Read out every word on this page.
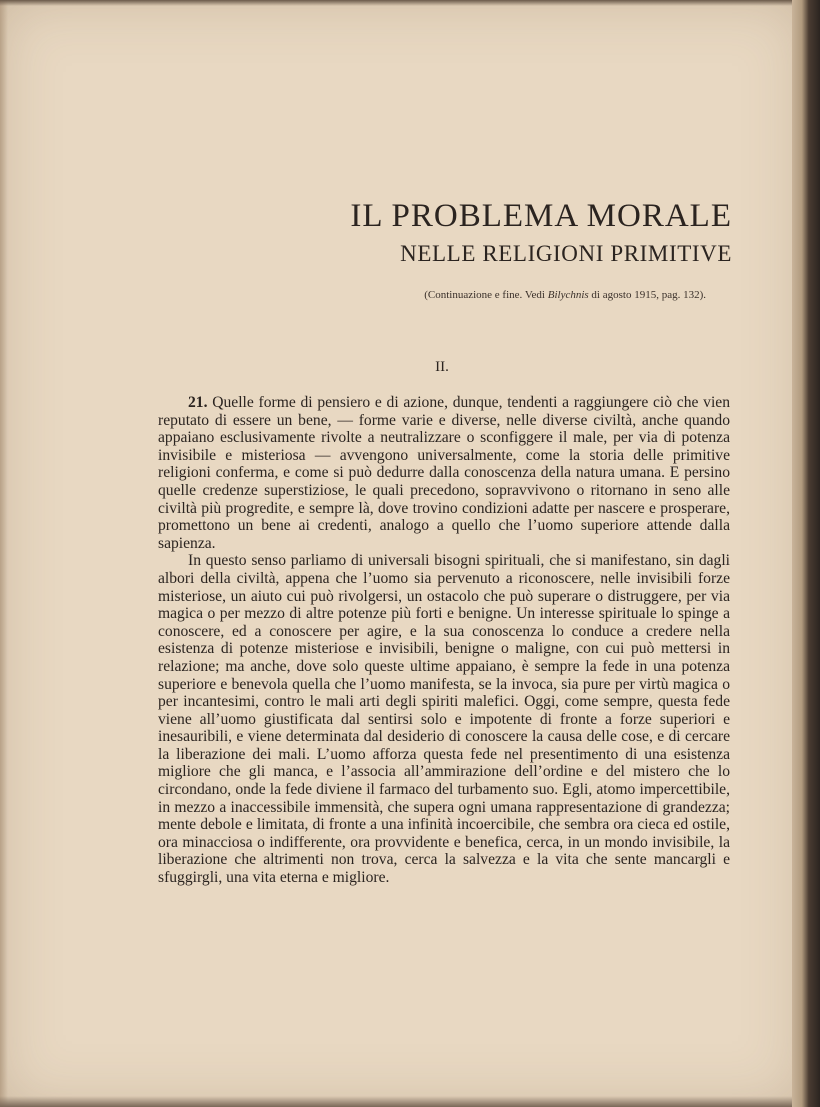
IL PROBLEMA MORALE
NELLE RELIGIONI PRIMITIVE
(Continuazione e fine. Vedi Bilychnis di agosto 1915, pag. 132).
II.

21. Quelle forme di pensiero e di azione, dunque, tendenti a raggiungere ciò che vien reputato di essere un bene, — forme varie e diverse, nelle diverse civiltà, anche quando appaiano esclusivamente rivolte a neutralizzare o sconfiggere il male, per via di potenza invisibile e misteriosa — avvengono universalmente, come la storia delle primitive religioni conferma, e come si può dedurre dalla conoscenza della natura umana. E persino quelle credenze superstiziose, le quali precedono, sopravvivono o ritornano in seno alle civiltà più progredite, e sempre là, dove trovino condizioni adatte per nascere e prosperare, promettono un bene ai credenti, analogo a quello che l’uomo superiore attende dalla sapienza.

In questo senso parliamo di universali bisogni spirituali, che si manifestano, sin dagli albori della civiltà, appena che l’uomo sia pervenuto a riconoscere, nelle invisibili forze misteriose, un aiuto cui può rivolgersi, un ostacolo che può superare o distruggere, per via magica o per mezzo di altre potenze più forti e benigne. Un interesse spirituale lo spinge a conoscere, ed a conoscere per agire, e la sua conoscenza lo conduce a credere nella esistenza di potenze misteriose e invisibili, benigne o maligne, con cui può mettersi in relazione; ma anche, dove solo queste ultime appaiano, è sempre la fede in una potenza superiore e benevola quella che l’uomo manifesta, se la invoca, sia pure per virtù magica o per incantesimi, contro le mali arti degli spiriti malefici. Oggi, come sempre, questa fede viene all’uomo giustificata dal sentirsi solo e impotente di fronte a forze superiori e inesauribili, e viene determinata dal desiderio di conoscere la causa delle cose, e di cercare la liberazione dei mali. L’uomo afforza questa fede nel presentimento di una esistenza migliore che gli manca, e l’associa all’ammirazione dell’ordine e del mistero che lo circondano, onde la fede diviene il farmaco del turbamento suo. Egli, atomo impercettibile, in mezzo a inaccessibile immensità, che supera ogni umana rappresentazione di grandezza; mente debole e limitata, di fronte a una infinità incoercibile, che sembra ora cieca ed ostile, ora minacciosa o indifferente, ora provvidente e benefica, cerca, in un mondo invisibile, la liberazione che altrimenti non trova, cerca la salvezza e la vita che sente mancargli e sfuggirgli, una vita eterna e migliore.
